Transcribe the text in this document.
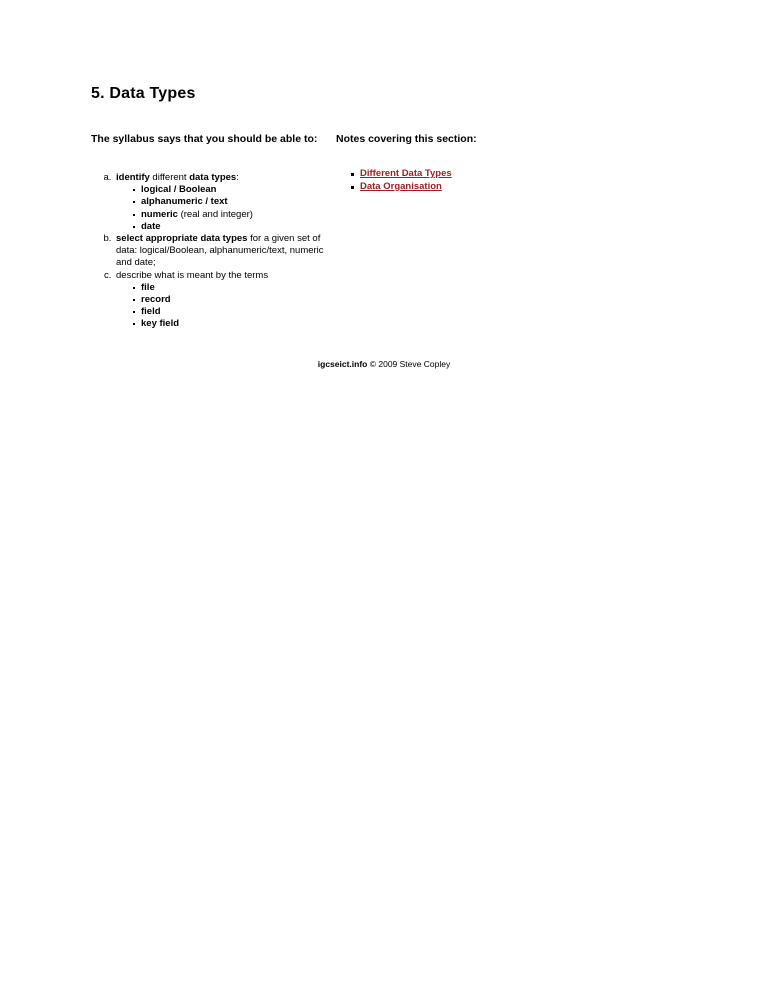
5. Data Types
The syllabus says that you should be able to:
a. identify different data types:
logical / Boolean
alphanumeric / text
numeric (real and integer)
date
b. select appropriate data types for a given set of data: logical/Boolean, alphanumeric/text, numeric and date;
c. describe what is meant by the terms
file
record
field
key field
Notes covering this section:
Different Data Types
Data Organisation
igcseict.info © 2009 Steve Copley
